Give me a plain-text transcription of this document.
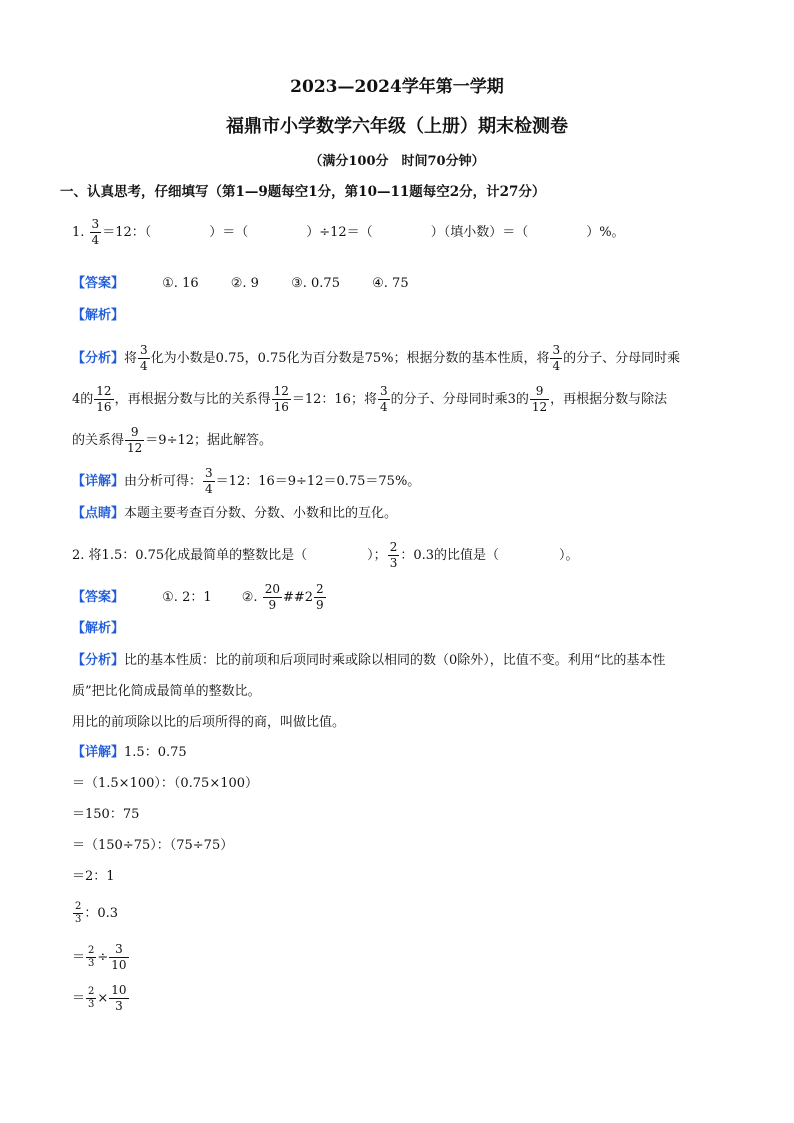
2023—2024学年第一学期
福鼎市小学数学六年级（上册）期末检测卷
（满分100分　时间70分钟）
一、认真思考，仔细填写（第1—9题每空1分，第10—11题每空2分，计27分）
1. $\frac{3}{4} =12$：（	）＝（	）÷12＝（	）（填小数）＝（	）%。
【答案】	①. 16 ②. 9 ③. 0.75 ④. 75
【解析】
【分析】将 $\frac{3}{4}$ 化为小数是0.75，0.75化为百分数是75%；根据分数的基本性质，将 $\frac{3}{4}$ 的分子、分母同时乘
4的 $\frac{12}{16}$ ，再根据分数与比的关系得 $\frac{12}{16} =12$：16；将 $\frac{3}{4}$ 的分子、分母同时乘3的 $\frac{9}{12}$ ，再根据分数与除法
的关系得 $\frac{9}{12} =9\div 12$；据此解答。
【详解】由分析可得： $\frac{3}{4} =12$：16＝9÷12＝0.75＝75%。
【点睛】本题主要考查百分数、分数、小数和比的互化。
2. 将1.5：0.75化成最简单的整数比是（	）； $\frac{2}{3}$ ：0.3的比值是（	）。
【答案】	①. 2：1 ②. $\frac{20}{9}$ ##2 $\frac{2}{9}$
【解析】
【分析】比的基本性质：比的前项和后项同时乘或除以相同的数（0除外），比值不变。利用“比的基本性
质”把比化简成最简单的整数比。
用比的前项除以比的后项所得的商，叫做比值。
【详解】1.5：0.75
＝（1.5×100）：（0.75×100）
＝150：75
＝（150÷75）：（75÷75）
＝2：1
$\frac{2}{3}$ ：0.3
＝ $\frac{2}{3} \div \frac{3}{10}$
＝ $\frac{2}{3} \times \frac{10}{3}$
